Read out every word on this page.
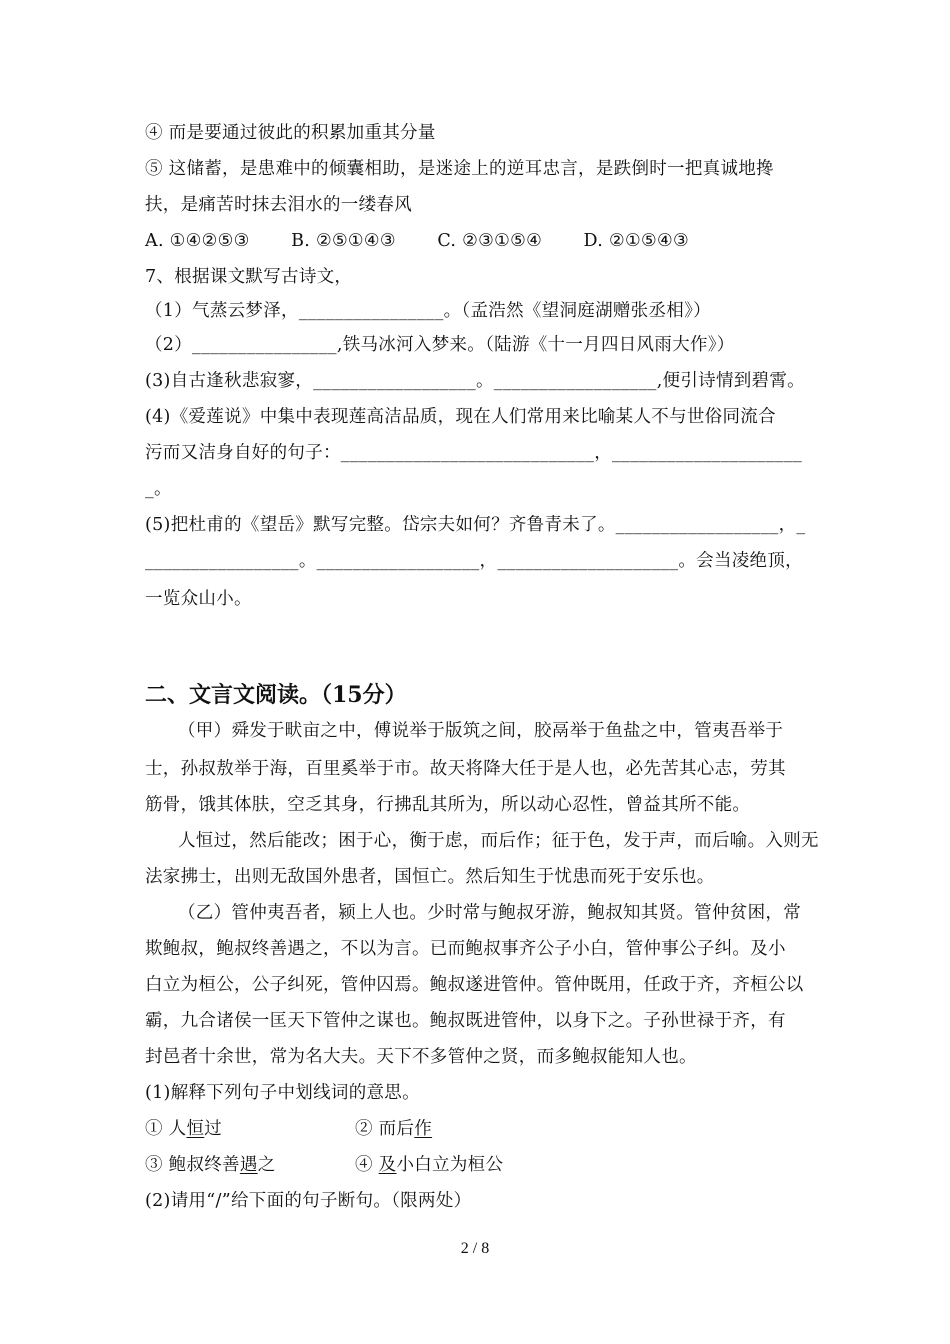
④ 而是要通过彼此的积累加重其分量
⑤ 这储蓄，是患难中的倾囊相助，是迷途上的逆耳忠言，是跌倒时一把真诚地搀
扶，是痛苦时抹去泪水的一缕春风
A. ①④②⑤③　　 B. ②⑤①④③　　 C. ②③①⑤④　　 D. ②①⑤④③
7、根据课文默写古诗文，
（1）气蒸云梦泽，________________。（孟浩然《望洞庭湖赠张丞相》）
（2）________________,铁马冰河入梦来。（陆游《十一月四日风雨大作》）
(3)自古逢秋悲寂寥，__________________。__________________,便引诗情到碧霄。
(4)《爱莲说》中集中表现莲高洁品质，现在人们常用来比喻某人不与世俗同流合
污而又洁身自好的句子：____________________________，_____________________
_。
(5)把杜甫的《望岳》默写完整。岱宗夫如何？齐鲁青未了。__________________，_
_________________。__________________，____________________。会当凌绝顶，
一览众山小。
二、文言文阅读。（15分）
（甲）舜发于畎亩之中，傅说举于版筑之间，胶鬲举于鱼盐之中，管夷吾举于
士，孙叔敖举于海，百里奚举于市。故天将降大任于是人也，必先苦其心志，劳其
筋骨，饿其体肤，空乏其身，行拂乱其所为，所以动心忍性，曾益其所不能。
人恒过，然后能改；困于心，衡于虑，而后作；征于色，发于声，而后喻。入则无
法家拂士，出则无敌国外患者，国恒亡。然后知生于忧患而死于安乐也。
（乙）管仲夷吾者，颍上人也。少时常与鲍叔牙游，鲍叔知其贤。管仲贫困，常
欺鲍叔，鲍叔终善遇之，不以为言。已而鲍叔事齐公子小白，管仲事公子纠。及小
白立为桓公，公子纠死，管仲囚焉。鲍叔遂进管仲。管仲既用，任政于齐，齐桓公以
霸，九合诸侯一匡天下管仲之谋也。鲍叔既进管仲，以身下之。子孙世禄于齐，有
封邑者十余世，常为名大夫。天下不多管仲之贤，而多鲍叔能知人也。
(1)解释下列句子中划线词的意思。
① 人恒过	② 而后作
③ 鲍叔终善遇之	④ 及小白立为桓公
(2)请用“/”给下面的句子断句。（限两处）
2 / 8
